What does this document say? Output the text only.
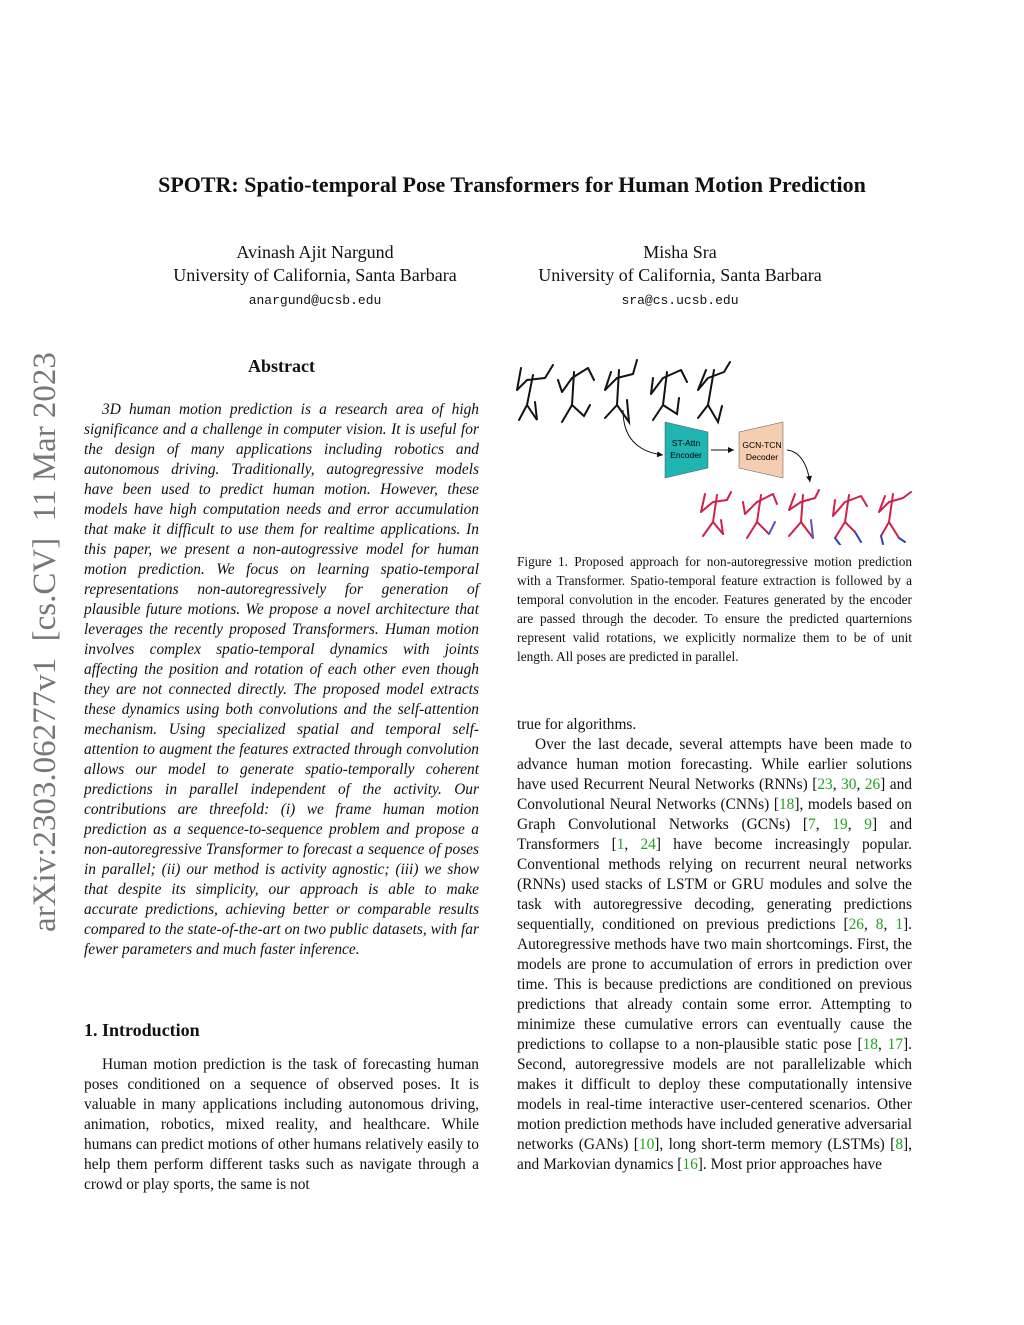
SPOTR: Spatio-temporal Pose Transformers for Human Motion Prediction
Avinash Ajit Nargund
University of California, Santa Barbara
anargund@ucsb.edu
Misha Sra
University of California, Santa Barbara
sra@cs.ucsb.edu
arXiv:2303.06277v1  [cs.CV]  11 Mar 2023	Abstract
3D human motion prediction is a research area of high significance and a challenge in computer vision. It is useful for the design of many applications including robotics and autonomous driving. Traditionally, autogregressive models have been used to predict human motion. However, these models have high computation needs and error accumulation that make it difficult to use them for realtime applications. In this paper, we present a non-autogressive model for human motion prediction. We focus on learning spatio-temporal representations non-autoregressively for generation of plausible future motions. We propose a novel architecture that leverages the recently proposed Transformers. Human motion involves complex spatio-temporal dynamics with joints affecting the position and rotation of each other even though they are not connected directly. The proposed model extracts these dynamics using both convolutions and the self-attention mechanism. Using specialized spatial and temporal self-attention to augment the features extracted through convolution allows our model to generate spatio-temporally coherent predictions in parallel independent of the activity. Our contributions are threefold: (i) we frame human motion prediction as a sequence-to-sequence problem and propose a non-autoregressive Transformer to forecast a sequence of poses in parallel; (ii) our method is activity agnostic; (iii) we show that despite its simplicity, our approach is able to make accurate predictions, achieving better or comparable results compared to the state-of-the-art on two public datasets, with far fewer parameters and much faster inference.
1. Introduction
Human motion prediction is the task of forecasting human poses conditioned on a sequence of observed poses. It is valuable in many applications including autonomous driving, animation, robotics, mixed reality, and healthcare. While humans can predict motions of other humans relatively easily to help them perform different tasks such as navigate through a crowd or play sports, the same is not
ST-Attn
Encoder
GCN-TCN
Decoder
Figure 1. Proposed approach for non-autoregressive motion prediction with a Transformer. Spatio-temporal feature extraction is followed by a temporal convolution in the encoder. Features generated by the encoder are passed through the decoder. To ensure the predicted quarternions represent valid rotations, we explicitly normalize them to be of unit length. All poses are predicted in parallel.

true for algorithms.

Over the last decade, several attempts have been made to advance human motion forecasting. While earlier solutions have used Recurrent Neural Networks (RNNs) [23, 30, 26] and Convolutional Neural Networks (CNNs) [18], models based on Graph Convolutional Networks (GCNs) [7, 19, 9] and Transformers [1, 24] have become increasingly popular. Conventional methods relying on recurrent neural networks (RNNs) used stacks of LSTM or GRU modules and solve the task with autoregressive decoding, generating predictions sequentially, conditioned on previous predictions [26, 8, 1]. Autoregressive methods have two main shortcomings. First, the models are prone to accumulation of errors in prediction over time. This is because predictions are conditioned on previous predictions that already contain some error. Attempting to minimize these cumulative errors can eventually cause the predictions to collapse to a non-plausible static pose [18, 17]. Second, autoregressive models are not parallelizable which makes it difficult to deploy these computationally intensive models in real-time interactive user-centered scenarios. Other motion prediction methods have included generative adversarial networks (GANs) [10], long short-term memory (LSTMs) [8], and Markovian dynamics [16]. Most prior approaches have
